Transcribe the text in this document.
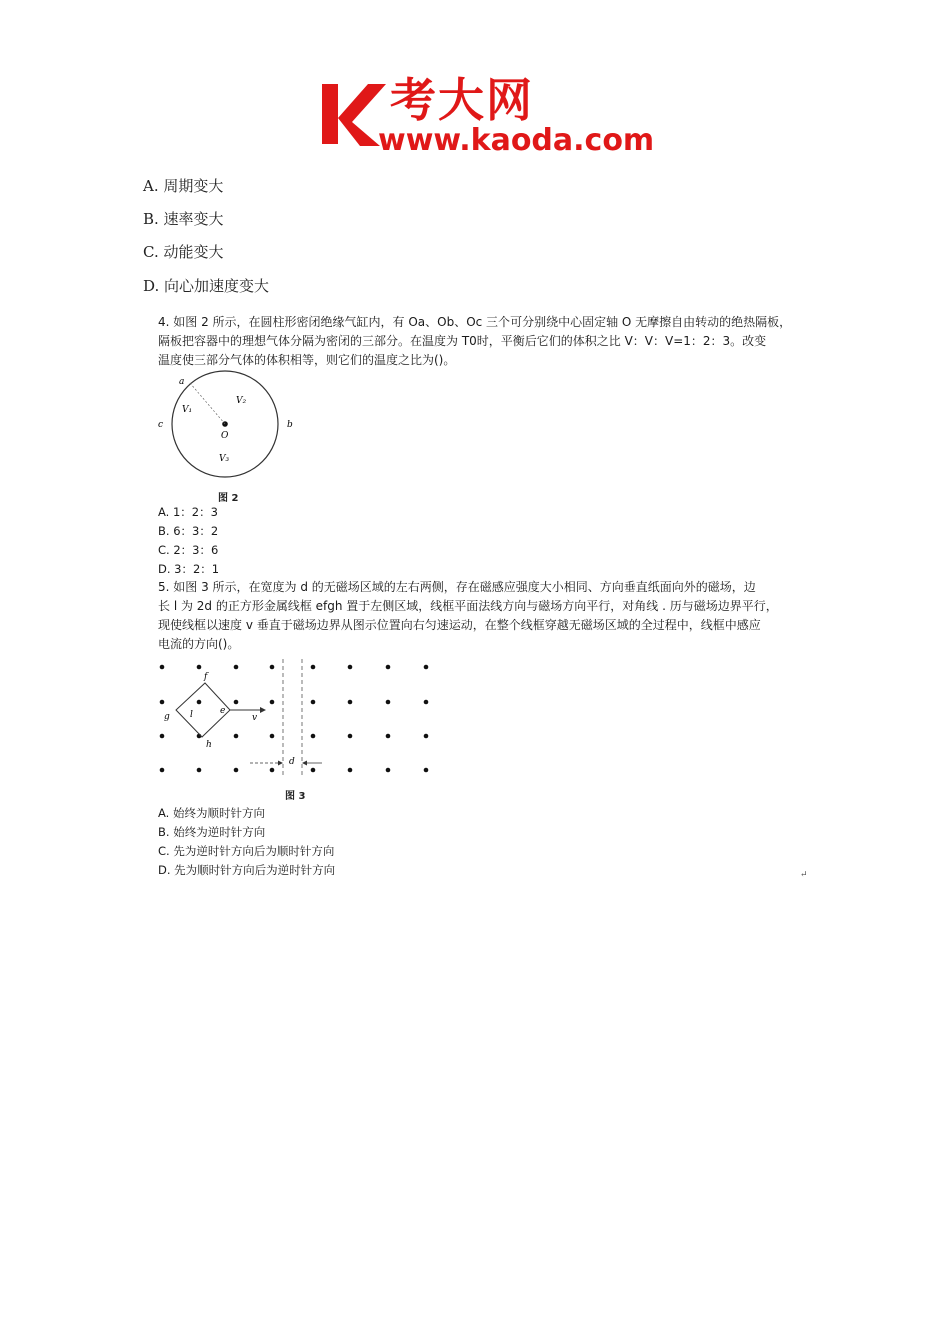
考大网
www.kaoda.com
A. 周期变大
B. 速率变大
C. 动能变大
D. 向心加速度变大

4. 如图 2 所示，在圆柱形密闭绝缘气缸内，有 Oa、Ob、Oc 三个可分别绕中心固定轴 O 无摩擦自由转动的绝热隔板，

隔板把容器中的理想气体分隔为密闭的三部分。在温度为 T0时，平衡后它们的体积之比 V：V：V=1：2：3。改变

温度使三部分气体的体积相等，则它们的温度之比为()。

a
b
c
O
V₁
V₂
V₃
图 2
A. 1：2：3
B. 6：3：2
C. 2：3：6
D. 3：2：1

5. 如图 3 所示，在宽度为 d 的无磁场区域的左右两侧，存在磁感应强度大小相同、方向垂直纸面向外的磁场，边

长 l 为 2d 的正方形金属线框 efgh 置于左侧区域，线框平面法线方向与磁场方向平行，对角线 . 历与磁场边界平行，

现使线框以速度 v 垂直于磁场边界从图示位置向右匀速运动，在整个线框穿越无磁场区域的全过程中，线框中感应

电流的方向()。

f
e
g
h
l	v
d
图 3
A. 始终为顺时针方向
B. 始终为逆时针方向
C. 先为逆时针方向后为顺时针方向
D. 先为顺时针方向后为逆时针方向	↵
